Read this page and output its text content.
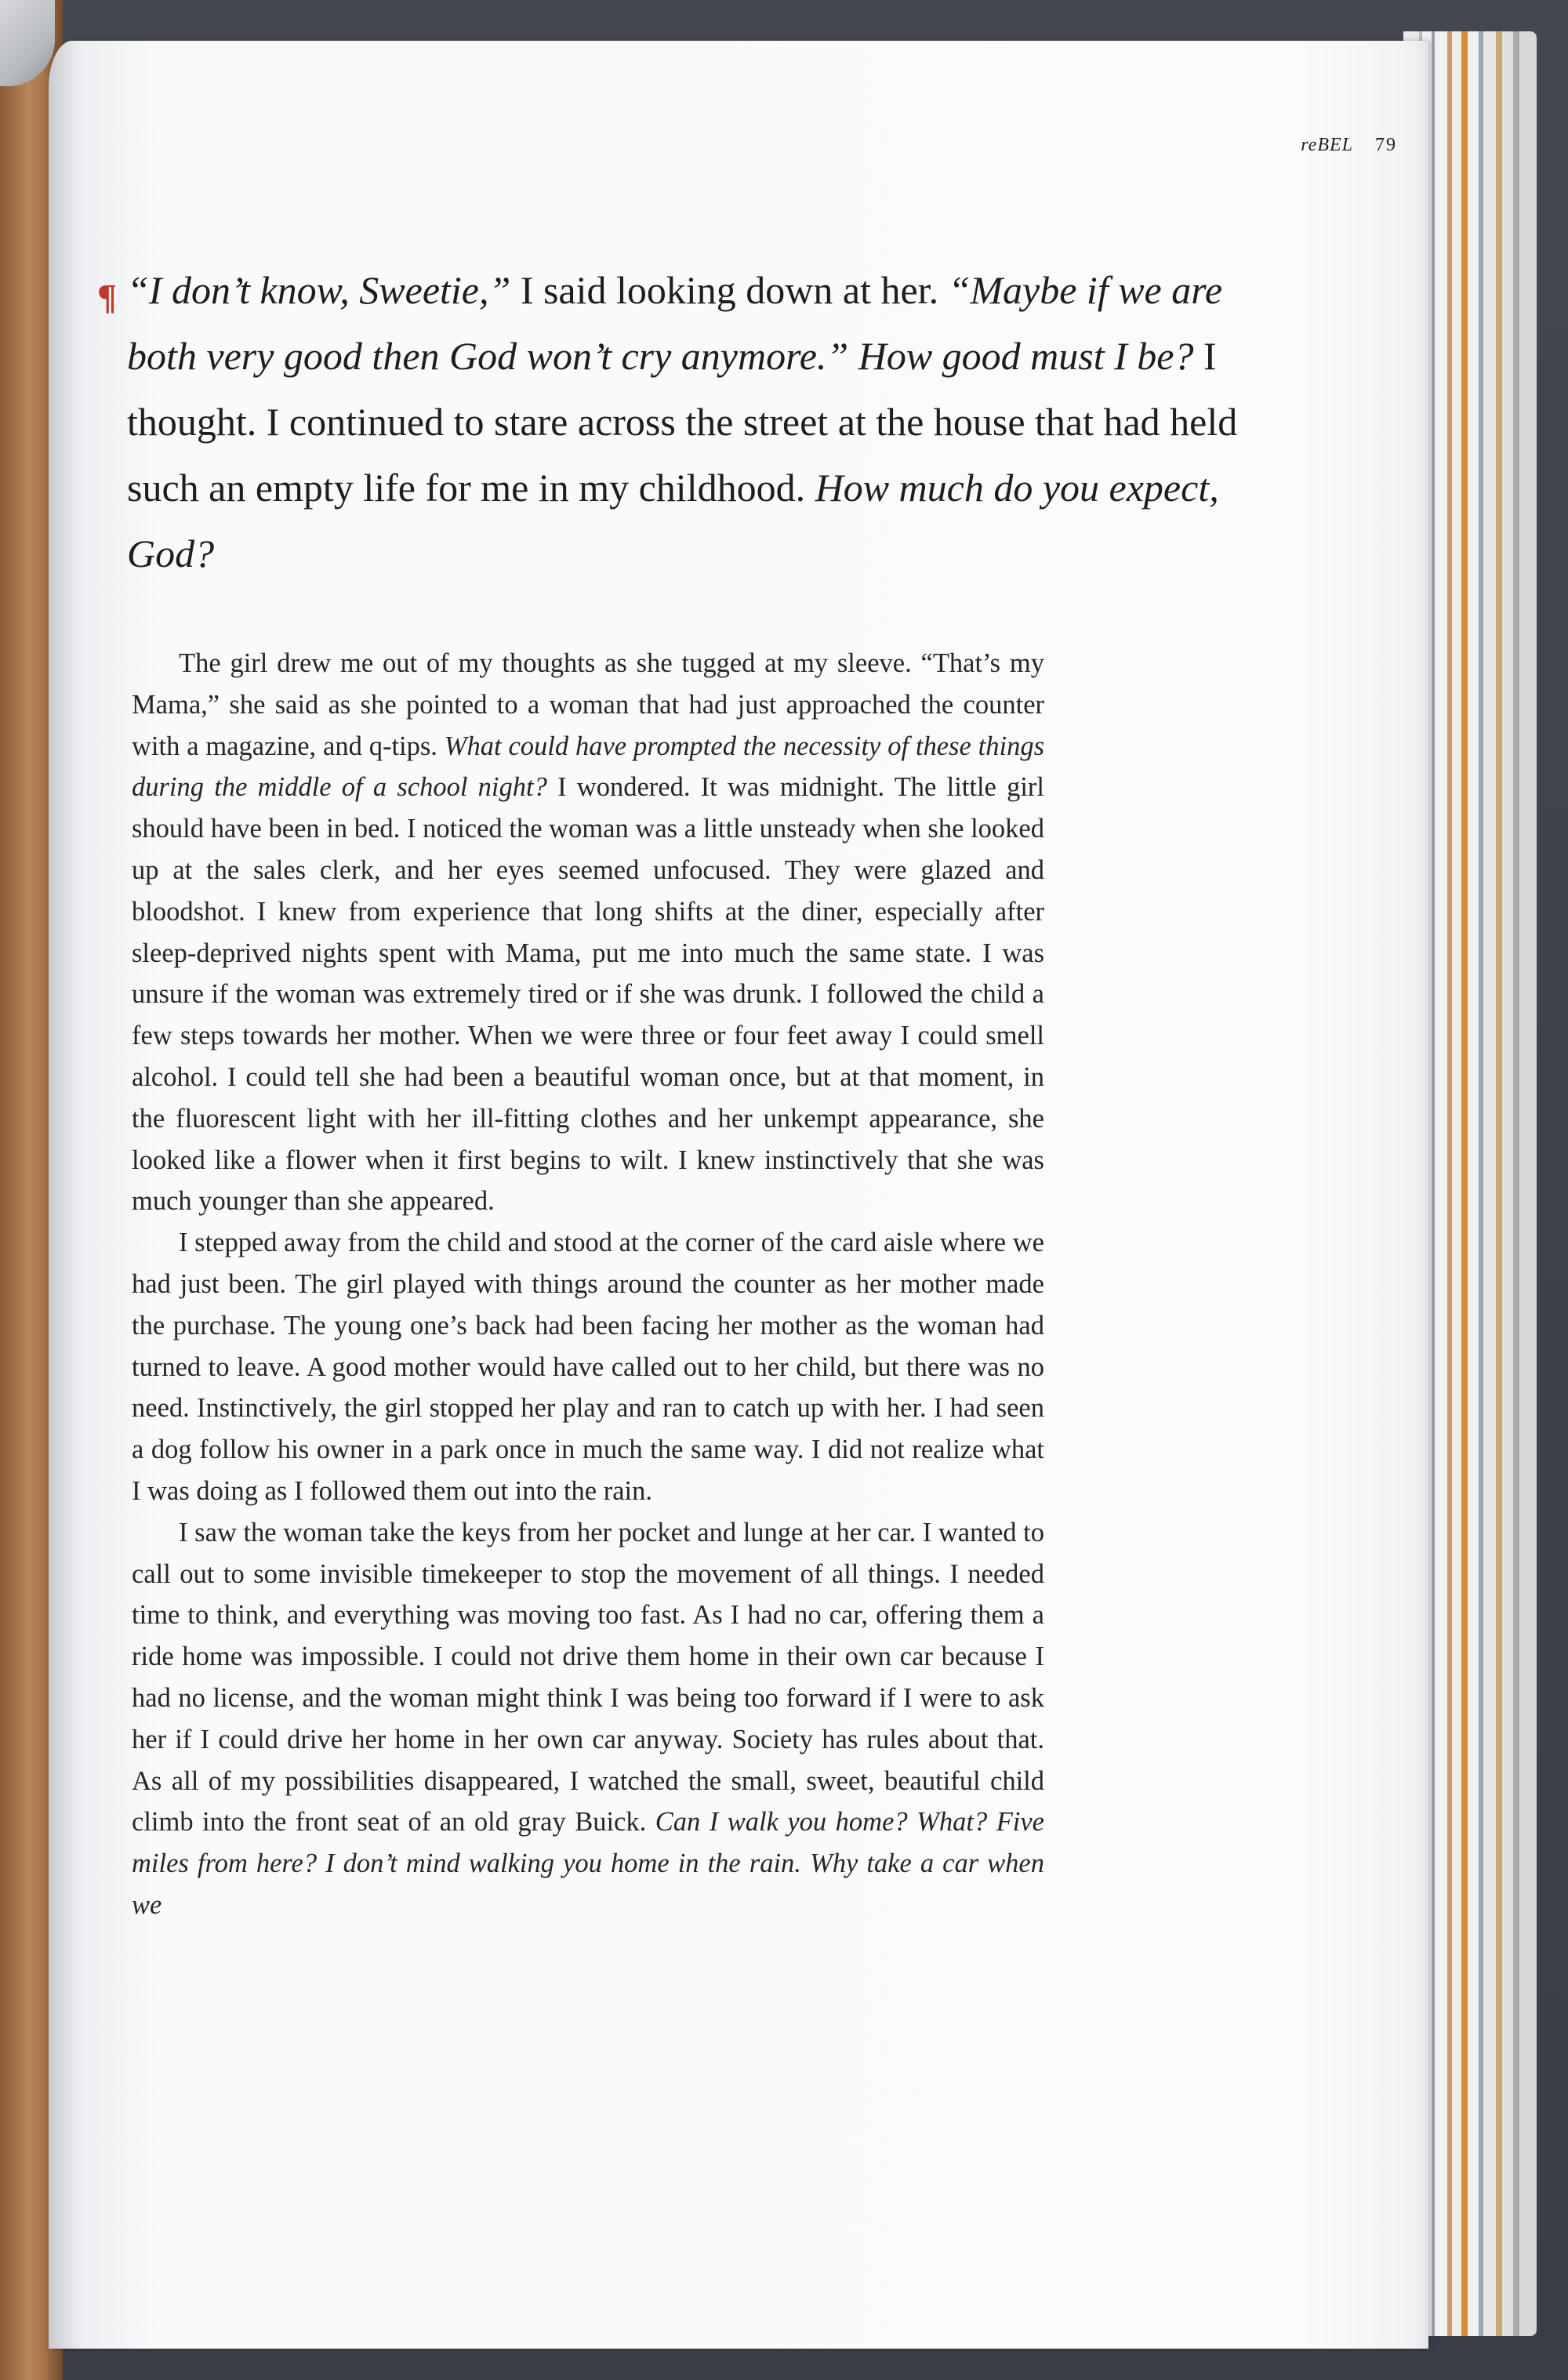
reBEL 79
¶ “I don’t know, Sweetie,” I said looking down at her. “Maybe if we are both very good then God won’t cry anymore.” How good must I be? I thought. I continued to stare across the street at the house that had held such an empty life for me in my childhood. How much do you expect, God?

The girl drew me out of my thoughts as she tugged at my sleeve. “That’s my Mama,” she said as she pointed to a woman that had just approached the counter with a magazine, and q-tips. What could have prompted the necessity of these things during the middle of a school night? I wondered. It was midnight. The little girl should have been in bed. I noticed the woman was a little unsteady when she looked up at the sales clerk, and her eyes seemed unfocused. They were glazed and bloodshot. I knew from experience that long shifts at the diner, especially after sleep-deprived nights spent with Mama, put me into much the same state. I was unsure if the woman was extremely tired or if she was drunk. I followed the child a few steps towards her mother. When we were three or four feet away I could smell alcohol. I could tell she had been a beautiful woman once, but at that moment, in the fluorescent light with her ill-fitting clothes and her unkempt appearance, she looked like a flower when it first begins to wilt. I knew instinctively that she was much younger than she appeared.

I stepped away from the child and stood at the corner of the card aisle where we had just been. The girl played with things around the counter as her mother made the purchase. The young one’s back had been facing her mother as the woman had turned to leave. A good mother would have called out to her child, but there was no need. Instinctively, the girl stopped her play and ran to catch up with her. I had seen a dog follow his owner in a park once in much the same way. I did not realize what I was doing as I followed them out into the rain.

I saw the woman take the keys from her pocket and lunge at her car. I wanted to call out to some invisible timekeeper to stop the movement of all things. I needed time to think, and everything was moving too fast. As I had no car, offering them a ride home was impossible. I could not drive them home in their own car because I had no license, and the woman might think I was being too forward if I were to ask her if I could drive her home in her own car anyway. Society has rules about that. As all of my possibilities disappeared, I watched the small, sweet, beautiful child climb into the front seat of an old gray Buick. Can I walk you home? What? Five miles from here? I don’t mind walking you home in the rain. Why take a car when we
